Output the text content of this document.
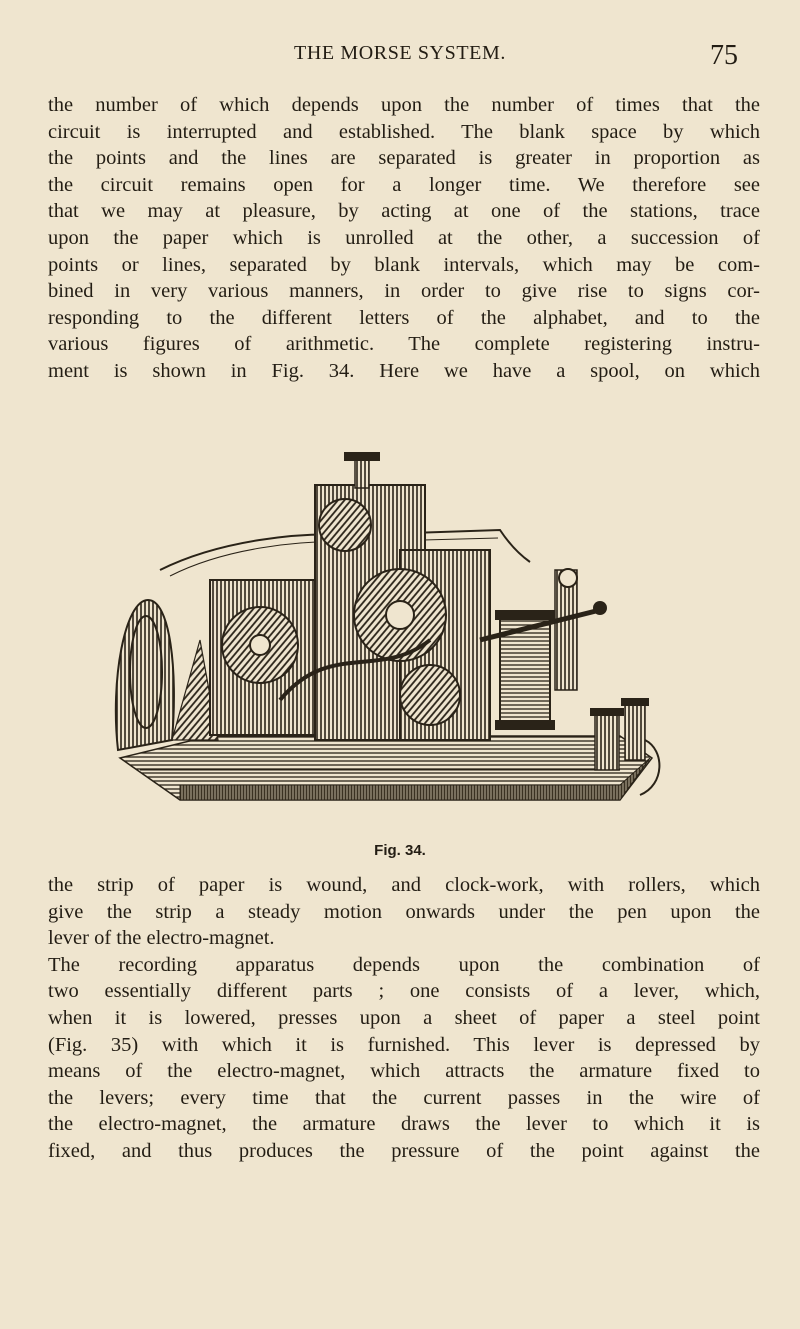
THE MORSE SYSTEM.	75
the number of which depends upon the number of times that the
circuit is interrupted and established. The blank space by which
the points and the lines are separated is greater in proportion as
the circuit remains open for a longer time. We therefore see
that we may at pleasure, by acting at one of the stations, trace
upon the paper which is unrolled at the other, a succession of
points or lines, separated by blank intervals, which may be com-
bined in very various manners, in order to give rise to signs cor-
responding to the different letters of the alphabet, and to the
various figures of arithmetic. The complete registering instru-
ment is shown in Fig. 34. Here we have a spool, on which
Fig. 34.
the strip of paper is wound, and clock-work, with rollers, which
give the strip a steady motion onwards under the pen upon the
lever of the electro-magnet.
The recording apparatus depends upon the combination of
two essentially different parts ; one consists of a lever, which,
when it is lowered, presses upon a sheet of paper a steel point
(Fig. 35) with which it is furnished. This lever is depressed by
means of the electro-magnet, which attracts the armature fixed to
the levers; every time that the current passes in the wire of
the electro-magnet, the armature draws the lever to which it is
fixed, and thus produces the pressure of the point against the
